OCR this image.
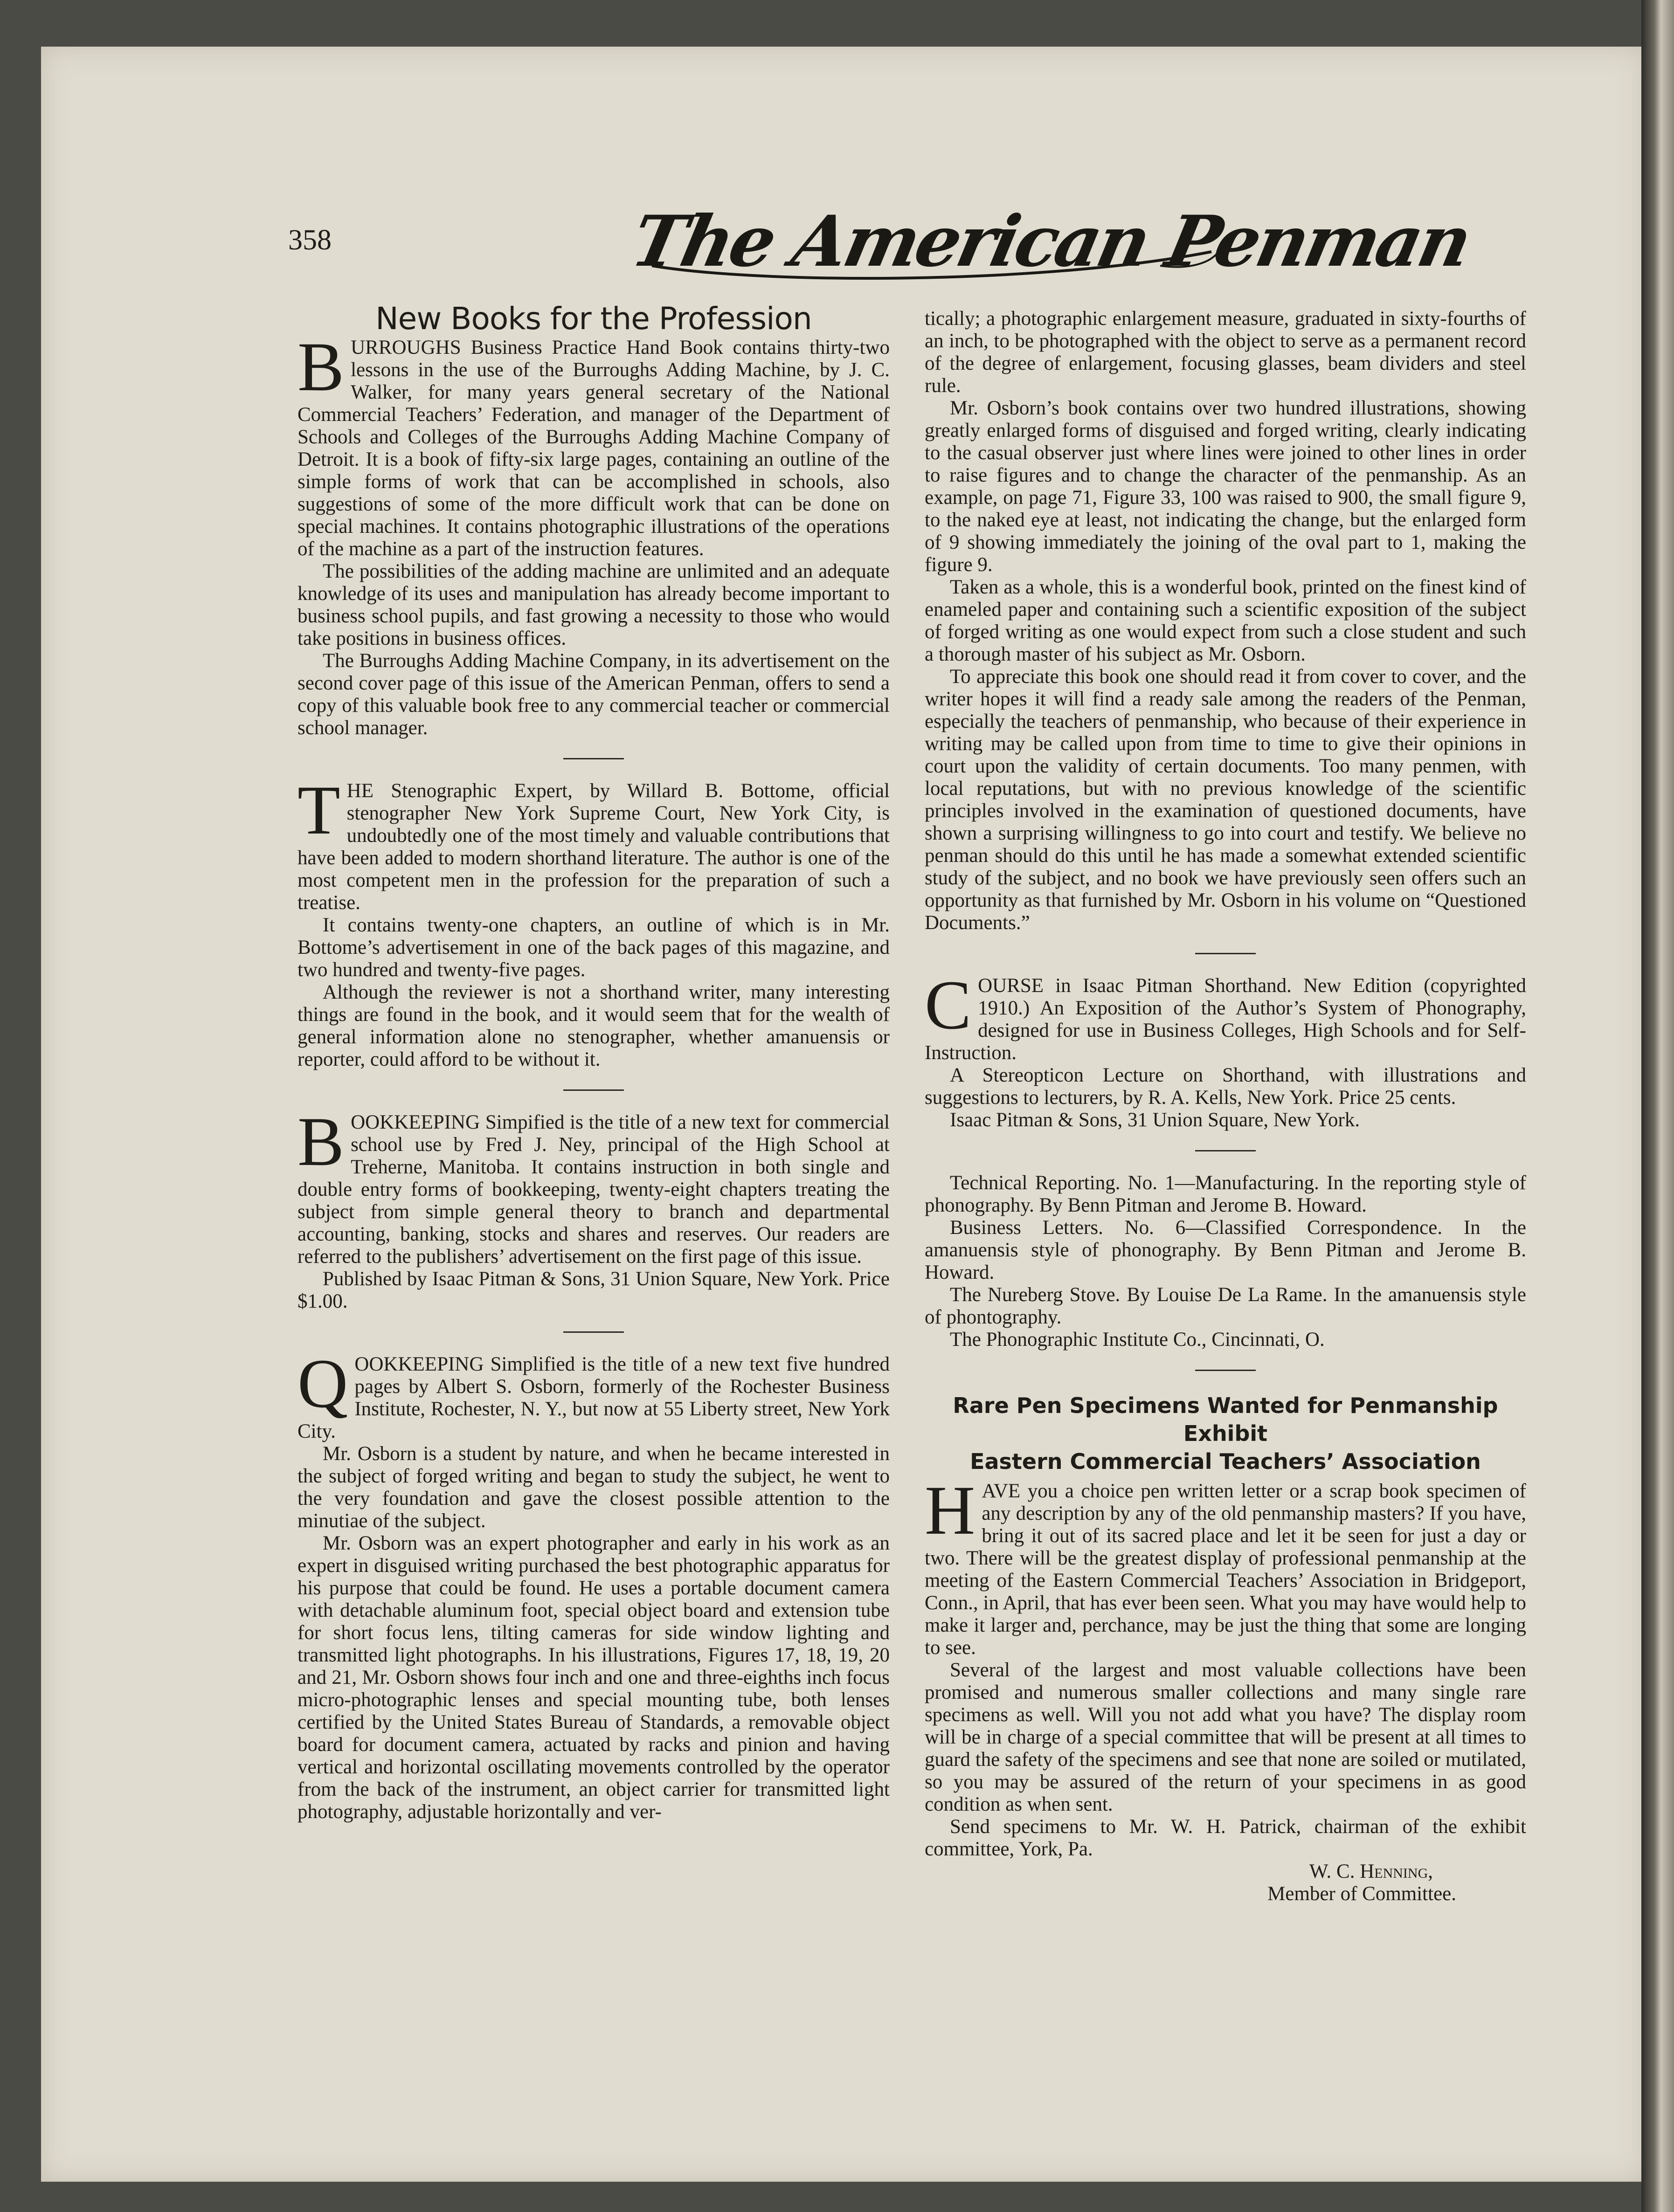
358	The American Penman
New Books for the Profession

BURROUGHS Business Practice Hand Book contains thirty-two lessons in the use of the Burroughs Adding Machine, by J. C. Walker, for many years general secretary of the National Commercial Teachers’ Federation, and manager of the Department of Schools and Colleges of the Burroughs Adding Machine Company of Detroit. It is a book of fifty-six large pages, containing an outline of the simple forms of work that can be accomplished in schools, also suggestions of some of the more difficult work that can be done on special machines. It contains photographic illustrations of the operations of the machine as a part of the instruction features.

The possibilities of the adding machine are unlimited and an adequate knowledge of its uses and manipulation has already become important to business school pupils, and fast growing a necessity to those who would take positions in business offices.

The Burroughs Adding Machine Company, in its advertisement on the second cover page of this issue of the American Penman, offers to send a copy of this valuable book free to any commercial teacher or commercial school manager.

THE Stenographic Expert, by Willard B. Bottome, official stenographer New York Supreme Court, New York City, is undoubtedly one of the most timely and valuable contributions that have been added to modern shorthand literature. The author is one of the most competent men in the profession for the preparation of such a treatise.

It contains twenty-one chapters, an outline of which is in Mr. Bottome’s advertisement in one of the back pages of this magazine, and two hundred and twenty-five pages.

Although the reviewer is not a shorthand writer, many interesting things are found in the book, and it would seem that for the wealth of general information alone no stenographer, whether amanuensis or reporter, could afford to be without it.

BOOKKEEPING Simpified is the title of a new text for commercial school use by Fred J. Ney, principal of the High School at Treherne, Manitoba. It contains instruction in both single and double entry forms of bookkeeping, twenty-eight chapters treating the subject from simple general theory to branch and departmental accounting, banking, stocks and shares and reserves. Our readers are referred to the publishers’ advertisement on the first page of this issue.

Published by Isaac Pitman & Sons, 31 Union Square, New York. Price $1.00.

QOOKKEEPING Simplified is the title of a new text five hundred pages by Albert S. Osborn, formerly of the Rochester Business Institute, Rochester, N. Y., but now at 55 Liberty street, New York City.

Mr. Osborn is a student by nature, and when he became interested in the subject of forged writing and began to study the subject, he went to the very foundation and gave the closest possible attention to the minutiae of the subject.

Mr. Osborn was an expert photographer and early in his work as an expert in disguised writing purchased the best photographic apparatus for his purpose that could be found. He uses a portable document camera with detachable aluminum foot, special object board and extension tube for short focus lens, tilting cameras for side window lighting and transmitted light photographs. In his illustrations, Figures 17, 18, 19, 20 and 21, Mr. Osborn shows four inch and one and three-eighths inch focus micro-photographic lenses and special mounting tube, both lenses certified by the United States Bureau of Standards, a removable object board for document camera, actuated by racks and pinion and having vertical and horizontal oscillating movements controlled by the operator from the back of the instrument, an object carrier for transmitted light photography, adjustable horizontally and ver-

tically; a photographic enlargement measure, graduated in sixty-fourths of an inch, to be photographed with the object to serve as a permanent record of the degree of enlargement, focusing glasses, beam dividers and steel rule.

Mr. Osborn’s book contains over two hundred illustrations, showing greatly enlarged forms of disguised and forged writing, clearly indicating to the casual observer just where lines were joined to other lines in order to raise figures and to change the character of the penmanship. As an example, on page 71, Figure 33, 100 was raised to 900, the small figure 9, to the naked eye at least, not indicating the change, but the enlarged form of 9 showing immediately the joining of the oval part to 1, making the figure 9.

Taken as a whole, this is a wonderful book, printed on the finest kind of enameled paper and containing such a scientific exposition of the subject of forged writing as one would expect from such a close student and such a thorough master of his subject as Mr. Osborn.

To appreciate this book one should read it from cover to cover, and the writer hopes it will find a ready sale among the readers of the Penman, especially the teachers of penmanship, who because of their experience in writing may be called upon from time to time to give their opinions in court upon the validity of certain documents. Too many penmen, with local reputations, but with no previous knowledge of the scientific principles involved in the examination of questioned documents, have shown a surprising willingness to go into court and testify. We believe no penman should do this until he has made a somewhat extended scientific study of the subject, and no book we have previously seen offers such an opportunity as that furnished by Mr. Osborn in his volume on “Questioned Documents.”

COURSE in Isaac Pitman Shorthand. New Edition (copyrighted 1910.) An Exposition of the Author’s System of Phonography, designed for use in Business Colleges, High Schools and for Self-Instruction.

A Stereopticon Lecture on Shorthand, with illustrations and suggestions to lecturers, by R. A. Kells, New York. Price 25 cents.

Isaac Pitman & Sons, 31 Union Square, New York.

Technical Reporting. No. 1—Manufacturing. In the reporting style of phonography. By Benn Pitman and Jerome B. Howard.

Business Letters. No. 6—Classified Correspondence. In the amanuensis style of phonography. By Benn Pitman and Jerome B. Howard.

The Nureberg Stove. By Louise De La Rame. In the amanuensis style of phontography.

The Phonographic Institute Co., Cincinnati, O.

Rare Pen Specimens Wanted for Penmanship Exhibit
Eastern Commercial Teachers’ Association

HAVE you a choice pen written letter or a scrap book specimen of any description by any of the old penmanship masters? If you have, bring it out of its sacred place and let it be seen for just a day or two. There will be the greatest display of professional penmanship at the meeting of the Eastern Commercial Teachers’ Association in Bridgeport, Conn., in April, that has ever been seen. What you may have would help to make it larger and, perchance, may be just the thing that some are longing to see.

Several of the largest and most valuable collections have been promised and numerous smaller collections and many single rare specimens as well. Will you not add what you have? The display room will be in charge of a special committee that will be present at all times to guard the safety of the specimens and see that none are soiled or mutilated, so you may be assured of the return of your specimens in as good condition as when sent.

Send specimens to Mr. W. H. Patrick, chairman of the exhibit committee, York, Pa.

W. C. Henning,

Member of Committee.
